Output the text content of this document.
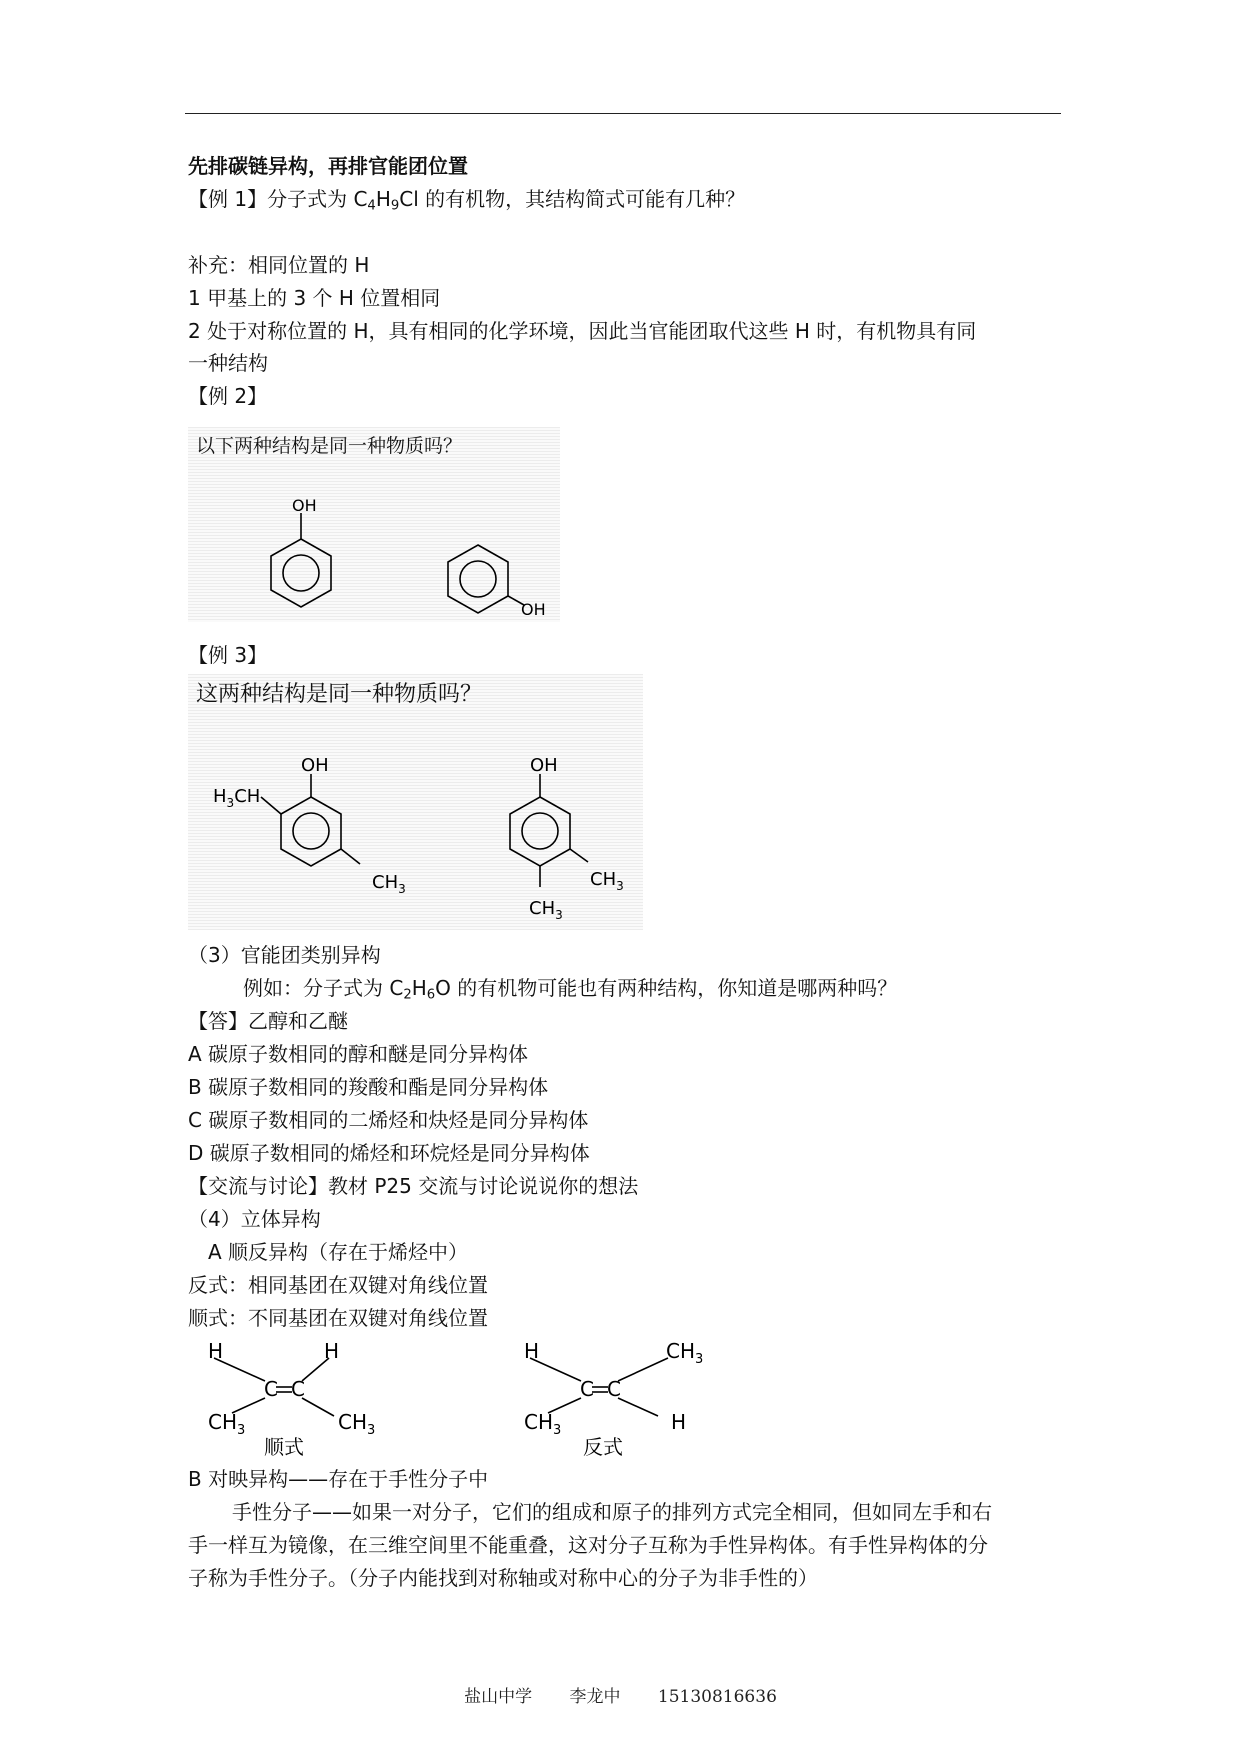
先排碳链异构，再排官能团位置
【例 1】分子式为 $C_4H_9Cl$ 的有机物，其结构简式可能有几种？
补充：相同位置的 H
1 甲基上的 3 个 H 位置相同
2 处于对称位置的 H，具有相同的化学环境，因此当官能团取代这些 H 时，有机物具有同
一种结构
【例 2】
以下两种结构是同一种物质吗？
OH
OH
【例 3】
这两种结构是同一种物质吗？
OH
$H_3CH$
$CH_3$
OH
$CH_3$
$CH_3$
（3）官能团类别异构
例如：分子式为 $C_2H_6O$ 的有机物可能也有两种结构，你知道是哪两种吗？
【答】乙醇和乙醚
A 碳原子数相同的醇和醚是同分异构体
B 碳原子数相同的羧酸和酯是同分异构体
C 碳原子数相同的二烯烃和炔烃是同分异构体
D 碳原子数相同的烯烃和环烷烃是同分异构体
【交流与讨论】教材 P25 交流与讨论说说你的想法
（4）立体异构
A 顺反异构（存在于烯烃中）
反式：相同基团在双键对角线位置
顺式：不同基团在双键对角线位置
H	H
C C
$CH_3$	$CH_3$
H	$CH_3$
C C
$CH_3$	H
顺式	反式
B 对映异构——存在于手性分子中
手性分子——如果一对分子，它们的组成和原子的排列方式完全相同，但如同左手和右
手一样互为镜像，在三维空间里不能重叠，这对分子互称为手性异构体。有手性异构体的分
子称为手性分子。（分子内能找到对称轴或对称中心的分子为非手性的）
盐山中学 李龙中 15130816636
